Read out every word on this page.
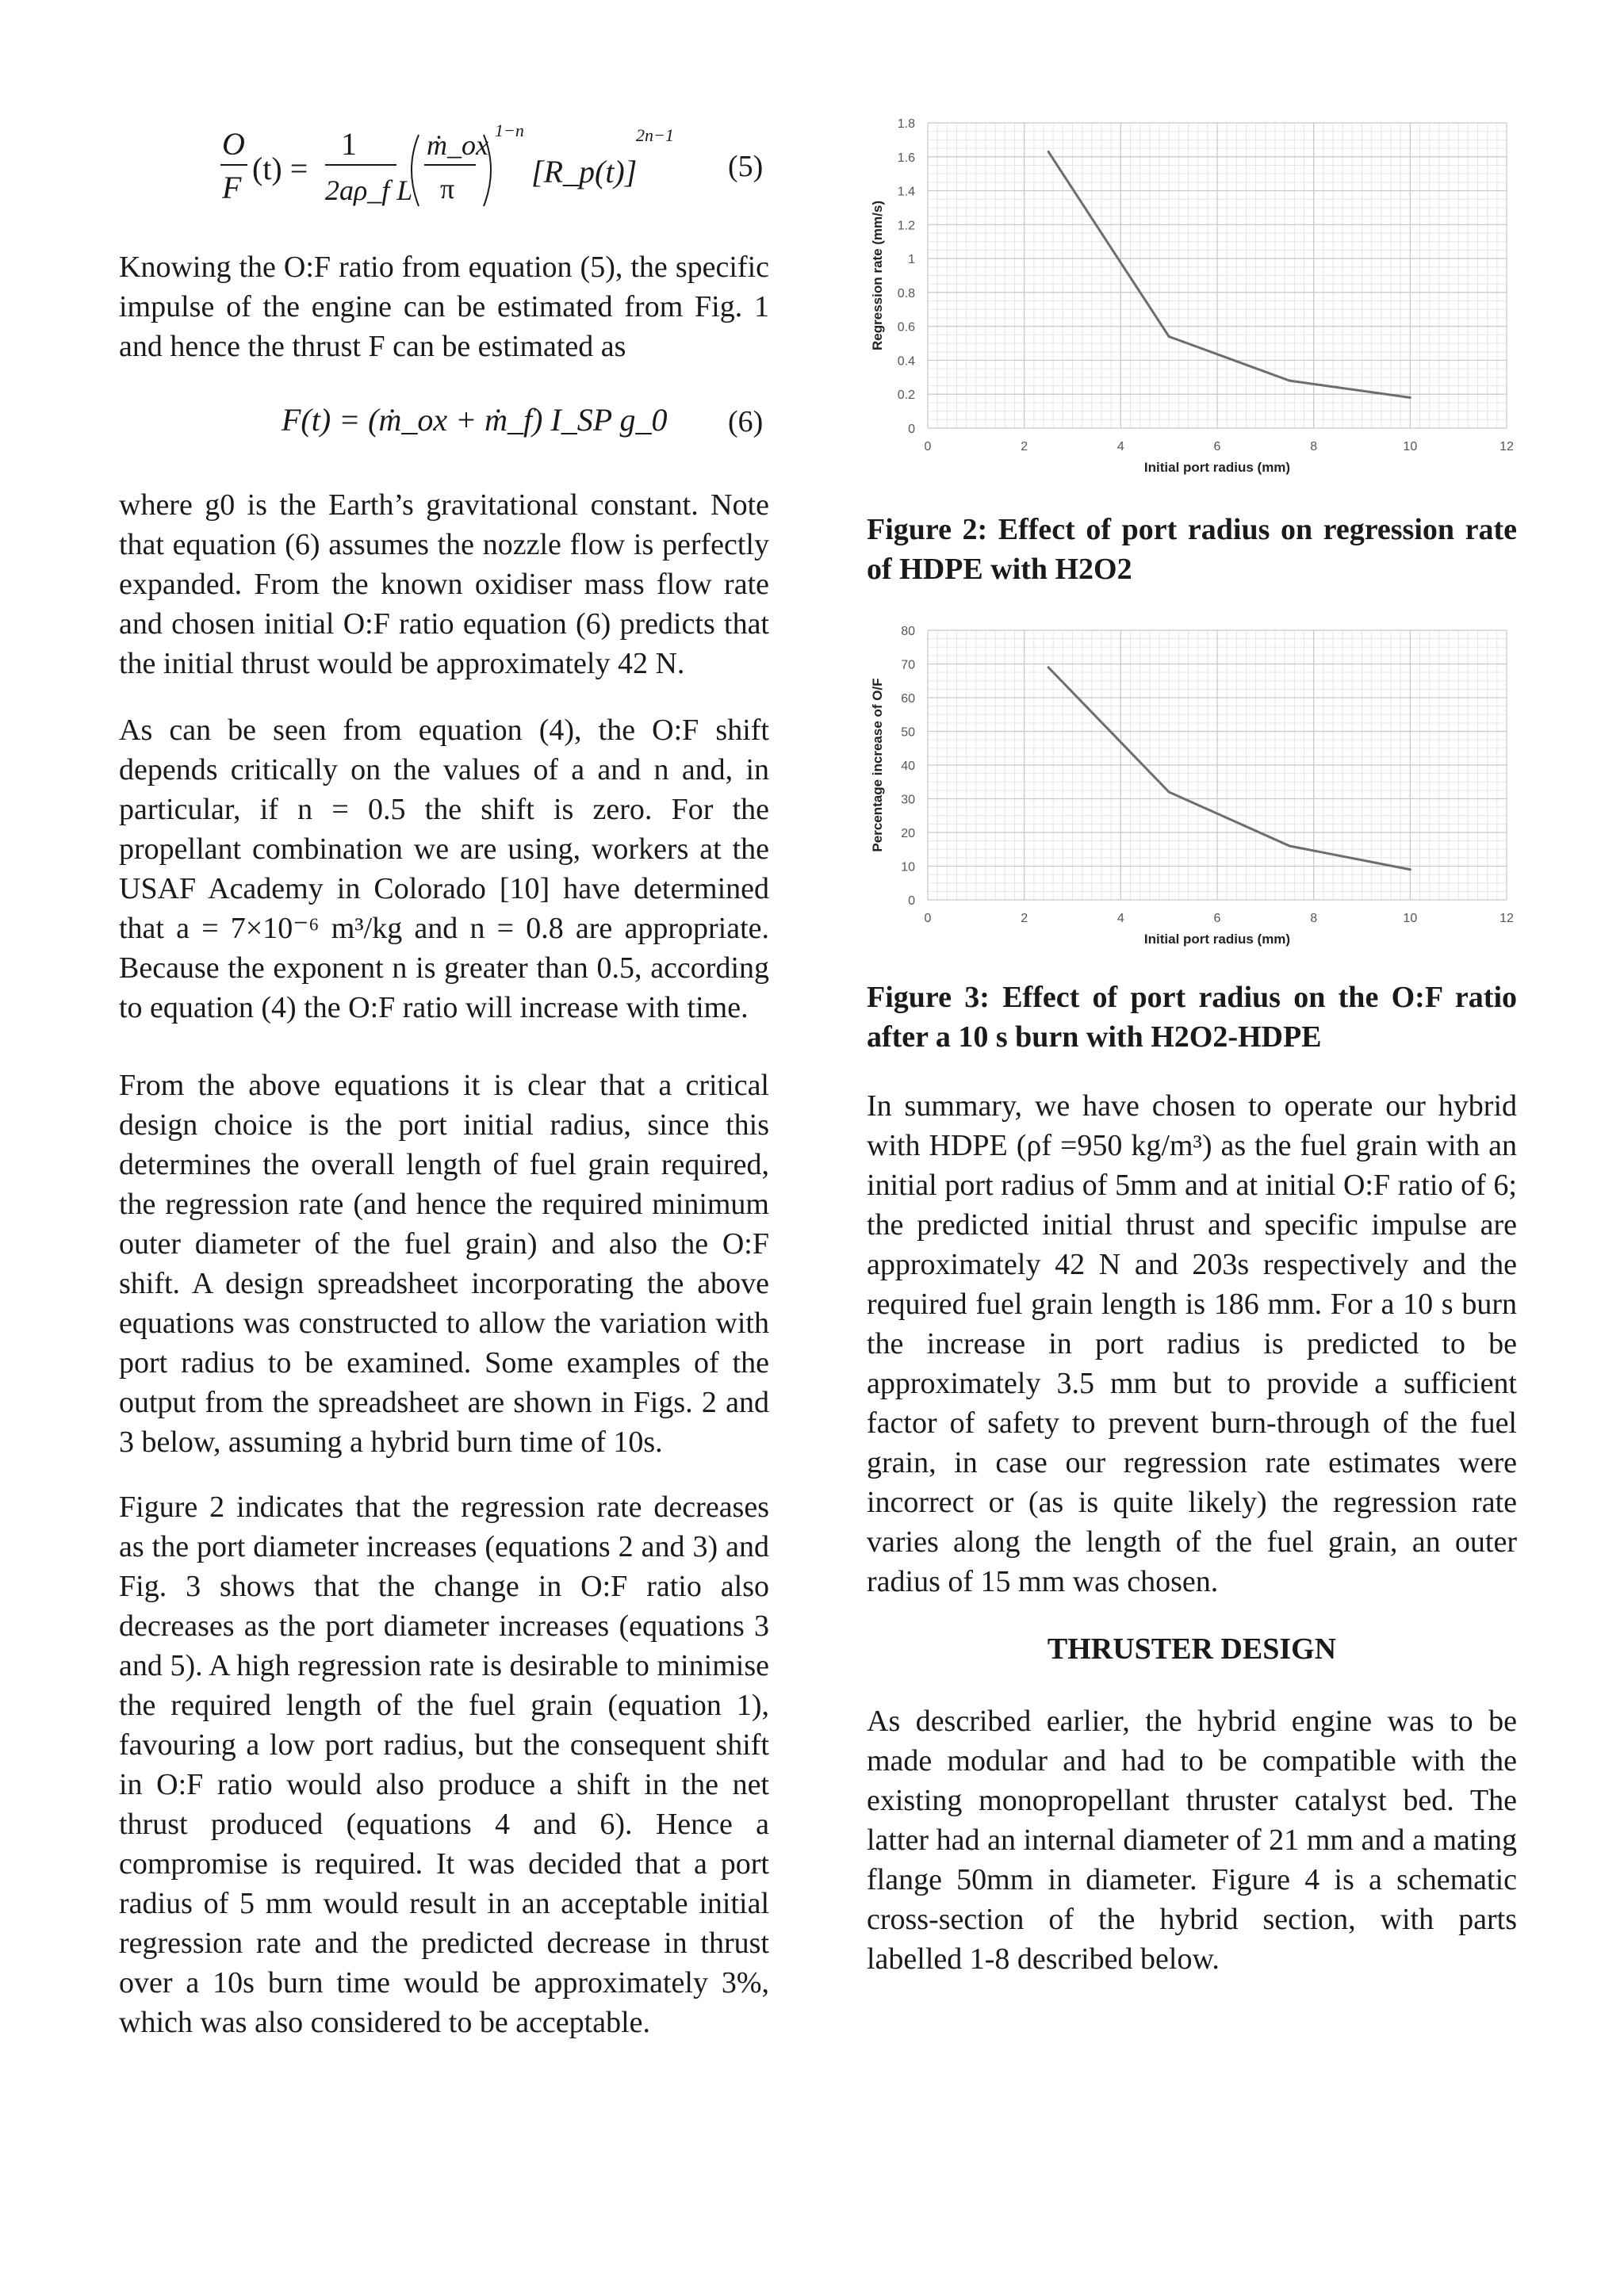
O
F
(t) =
1
2aρ_f L
ṁ_ox
π
1−n
[R_p(t)]
2n−1
(5)

Knowing the O:F ratio from equation (5), the specific impulse of the engine can be estimated from Fig. 1 and hence the thrust F can be estimated as

F(t) = (ṁ_ox + ṁ_f) I_SP g_0 (6)

where g0 is the Earth’s gravitational constant. Note that equation (6) assumes the nozzle flow is perfectly expanded. From the known oxidiser mass flow rate and chosen initial O:F ratio equation (6) predicts that the initial thrust would be approximately 42 N.

As can be seen from equation (4), the O:F shift depends critically on the values of a and n and, in particular, if n = 0.5 the shift is zero. For the propellant combination we are using, workers at the USAF Academy in Colorado [10] have determined that a = 7×10⁻⁶ m³/kg and n = 0.8 are appropriate. Because the exponent n is greater than 0.5, according to equation (4) the O:F ratio will increase with time.

From the above equations it is clear that a critical design choice is the port initial radius, since this determines the overall length of fuel grain required, the regression rate (and hence the required minimum outer diameter of the fuel grain) and also the O:F shift. A design spreadsheet incorporating the above equations was constructed to allow the variation with port radius to be examined. Some examples of the output from the spreadsheet are shown in Figs. 2 and 3 below, assuming a hybrid burn time of 10s.

Figure 2 indicates that the regression rate decreases as the port diameter increases (equations 2 and 3) and Fig. 3 shows that the change in O:F ratio also decreases as the port diameter increases (equations 3 and 5). A high regression rate is desirable to minimise the required length of the fuel grain (equation 1), favouring a low port radius, but the consequent shift in O:F ratio would also produce a shift in the net thrust produced (equations 4 and 6). Hence a compromise is required. It was decided that a port radius of 5 mm would result in an acceptable initial regression rate and the predicted decrease in thrust over a 10s burn time would be approximately 3%, which was also considered to be acceptable.

0	2	4	6	8	10	12
0
0.2
0.4
0.6
0.8
1
1.2
1.4
1.6
1.8
Initial port radius (mm)
Regression rate (mm/s)

Figure 2: Effect of port radius on regression rate of HDPE with H2O2

0	2	4	6	8	10	12
0
10
20
30
40
50
60
70
80
Initial port radius (mm)
Percentage increase of O/F

Figure 3: Effect of port radius on the O:F ratio after a 10 s burn with H2O2-HDPE

In summary, we have chosen to operate our hybrid with HDPE (ρf =950 kg/m³) as the fuel grain with an initial port radius of 5mm and at initial O:F ratio of 6; the predicted initial thrust and specific impulse are approximately 42 N and 203s respectively and the required fuel grain length is 186 mm. For a 10 s burn the increase in port radius is predicted to be approximately 3.5 mm but to provide a sufficient factor of safety to prevent burn-through of the fuel grain, in case our regression rate estimates were incorrect or (as is quite likely) the regression rate varies along the length of the fuel grain, an outer radius of 15 mm was chosen.

THRUSTER DESIGN

As described earlier, the hybrid engine was to be made modular and had to be compatible with the existing monopropellant thruster catalyst bed. The latter had an internal diameter of 21 mm and a mating flange 50mm in diameter. Figure 4 is a schematic cross-section of the hybrid section, with parts labelled 1-8 described below.
